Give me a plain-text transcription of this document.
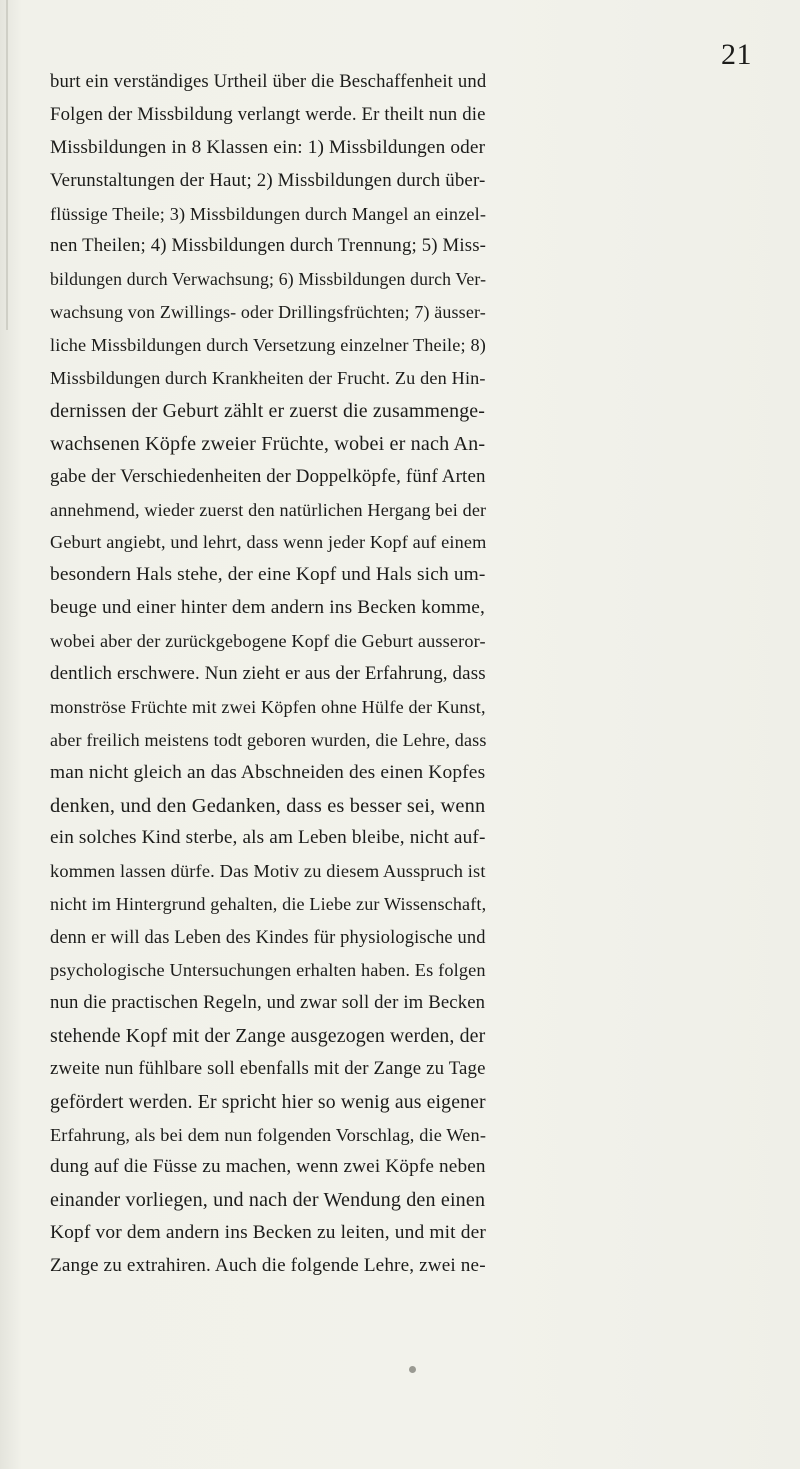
21
burt ein verständiges Urtheil über die Beschaffenheit und
Folgen der Missbildung verlangt werde. Er theilt nun die
Missbildungen in 8 Klassen ein: 1) Missbildungen oder
Verunstaltungen der Haut; 2) Missbildungen durch über-
flüssige Theile; 3) Missbildungen durch Mangel an einzel-
nen Theilen; 4) Missbildungen durch Trennung; 5) Miss-
bildungen durch Verwachsung; 6) Missbildungen durch Ver-
wachsung von Zwillings- oder Drillingsfrüchten; 7) äusser-
liche Missbildungen durch Versetzung einzelner Theile; 8)
Missbildungen durch Krankheiten der Frucht. Zu den Hin-
dernissen der Geburt zählt er zuerst die zusammenge-
wachsenen Köpfe zweier Früchte, wobei er nach An-
gabe der Verschiedenheiten der Doppelköpfe, fünf Arten
annehmend, wieder zuerst den natürlichen Hergang bei der
Geburt angiebt, und lehrt, dass wenn jeder Kopf auf einem
besondern Hals stehe, der eine Kopf und Hals sich um-
beuge und einer hinter dem andern ins Becken komme,
wobei aber der zurückgebogene Kopf die Geburt ausseror-
dentlich erschwere. Nun zieht er aus der Erfahrung, dass
monströse Früchte mit zwei Köpfen ohne Hülfe der Kunst,
aber freilich meistens todt geboren wurden, die Lehre, dass
man nicht gleich an das Abschneiden des einen Kopfes
denken, und den Gedanken, dass es besser sei, wenn
ein solches Kind sterbe, als am Leben bleibe, nicht auf-
kommen lassen dürfe. Das Motiv zu diesem Ausspruch ist
nicht im Hintergrund gehalten, die Liebe zur Wissenschaft,
denn er will das Leben des Kindes für physiologische und
psychologische Untersuchungen erhalten haben. Es folgen
nun die practischen Regeln, und zwar soll der im Becken
stehende Kopf mit der Zange ausgezogen werden, der
zweite nun fühlbare soll ebenfalls mit der Zange zu Tage
gefördert werden. Er spricht hier so wenig aus eigener
Erfahrung, als bei dem nun folgenden Vorschlag, die Wen-
dung auf die Füsse zu machen, wenn zwei Köpfe neben
einander vorliegen, und nach der Wendung den einen
Kopf vor dem andern ins Becken zu leiten, und mit der
Zange zu extrahiren. Auch die folgende Lehre, zwei ne-
